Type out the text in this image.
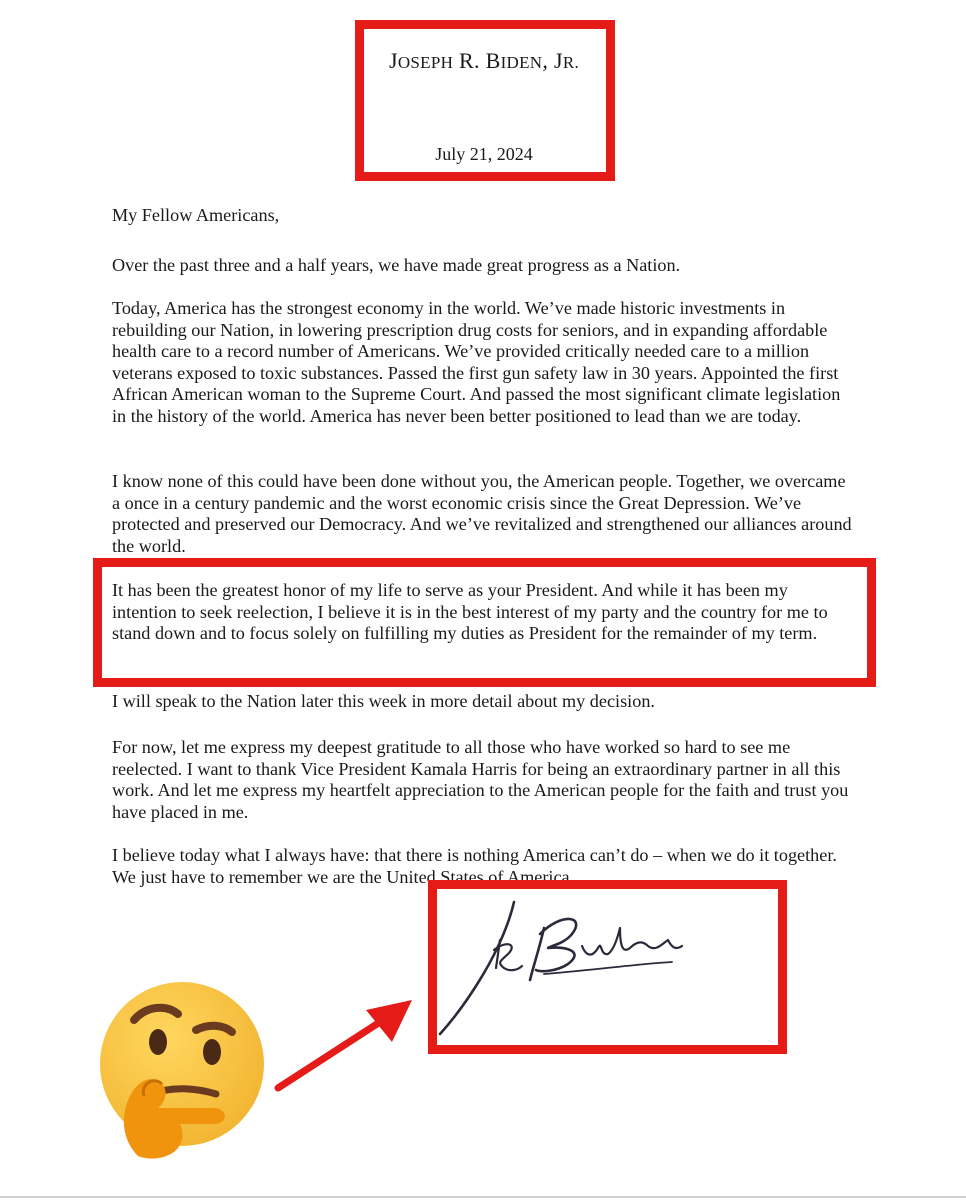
JOSEPH R. BIDEN, JR.
July 21, 2024

My Fellow Americans,

Over the past three and a half years, we have made great progress as a Nation.

Today, America has the strongest economy in the world. We’ve made historic investments in rebuilding our Nation, in lowering prescription drug costs for seniors, and in expanding affordable health care to a record number of Americans. We’ve provided critically needed care to a million veterans exposed to toxic substances. Passed the first gun safety law in 30 years. Appointed the first African American woman to the Supreme Court. And passed the most significant climate legislation in the history of the world. America has never been better positioned to lead than we are today.

I know none of this could have been done without you, the American people. Together, we overcame a once in a century pandemic and the worst economic crisis since the Great Depression. We’ve protected and preserved our Democracy. And we’ve revitalized and strengthened our alliances around the world.

It has been the greatest honor of my life to serve as your President. And while it has been my intention to seek reelection, I believe it is in the best interest of my party and the country for me to stand down and to focus solely on fulfilling my duties as President for the remainder of my term.

I will speak to the Nation later this week in more detail about my decision.

For now, let me express my deepest gratitude to all those who have worked so hard to see me reelected. I want to thank Vice President Kamala Harris for being an extraordinary partner in all this work. And let me express my heartfelt appreciation to the American people for the faith and trust you have placed in me.

I believe today what I always have: that there is nothing America can’t do – when we do it together. We just have to remember we are the United States of America.
